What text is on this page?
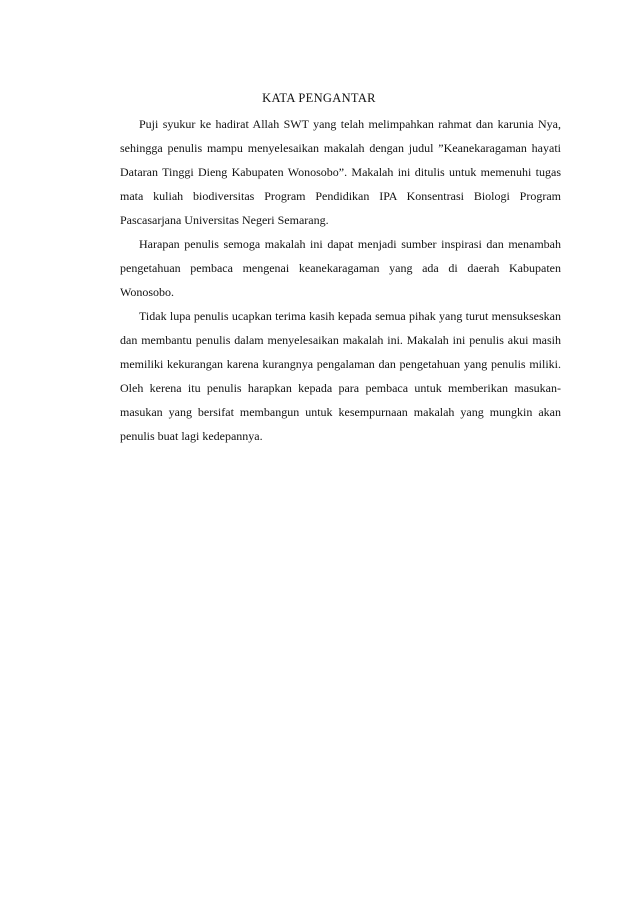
KATA PENGANTAR

Puji syukur ke hadirat Allah SWT yang telah melimpahkan rahmat dan karunia Nya, sehingga penulis mampu menyelesaikan makalah dengan judul ”Keanekaragaman hayati Dataran Tinggi Dieng Kabupaten Wonosobo”. Makalah ini ditulis untuk memenuhi tugas mata kuliah biodiversitas Program Pendidikan IPA Konsentrasi Biologi Program Pascasarjana Universitas Negeri Semarang.

Harapan penulis semoga makalah ini dapat menjadi sumber inspirasi dan menambah pengetahuan pembaca mengenai keanekaragaman yang ada di daerah Kabupaten Wonosobo.

Tidak lupa penulis ucapkan terima kasih kepada semua pihak yang turut mensukseskan dan membantu penulis dalam menyelesaikan makalah ini. Makalah ini penulis akui masih memiliki kekurangan karena kurangnya pengalaman dan pengetahuan yang penulis miliki. Oleh kerena itu penulis harapkan kepada para pembaca untuk memberikan masukan-masukan yang bersifat membangun untuk kesempurnaan makalah yang mungkin akan penulis buat lagi kedepannya.
